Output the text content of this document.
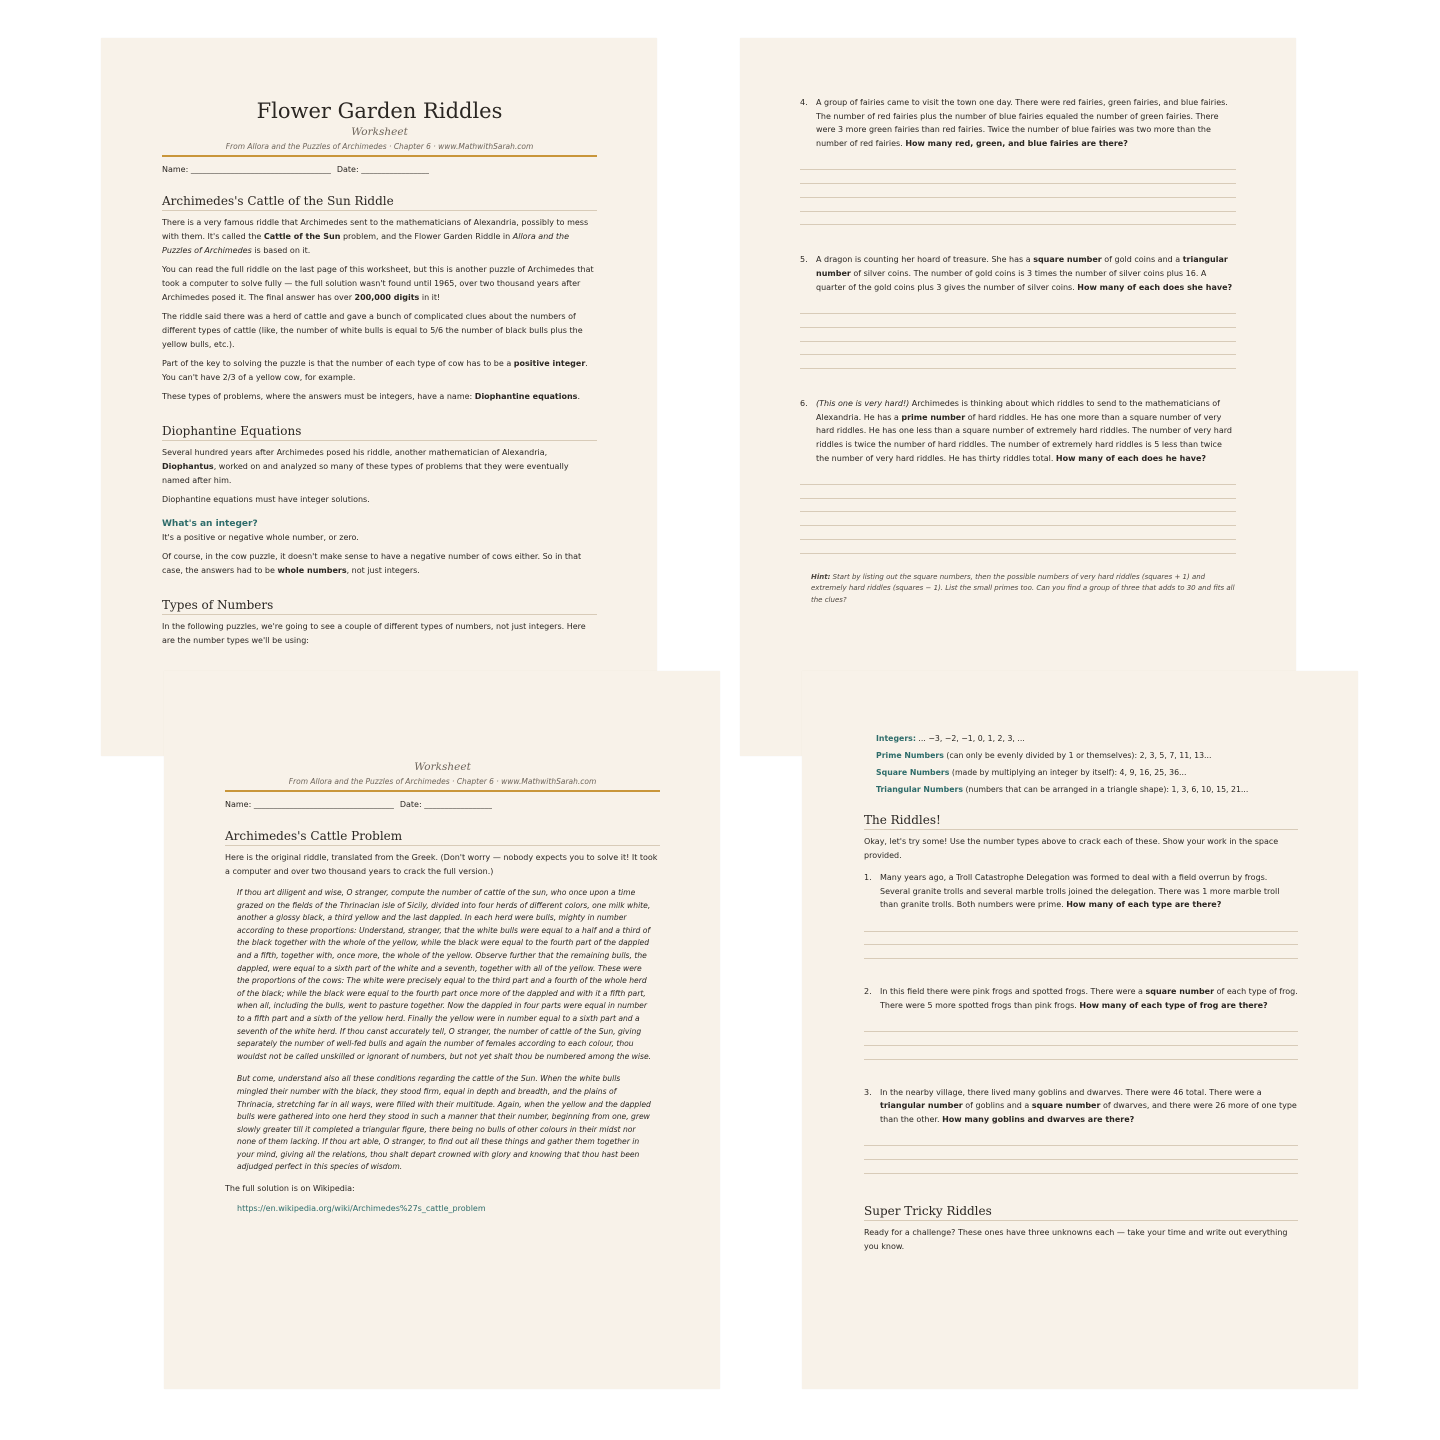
Flower Garden Riddles
Worksheet
From Allora and the Puzzles of Archimedes · Chapter 6 · www.MathwithSarah.com
Name: ___________________________________ Date: _________________
Archimedes's Cattle of the Sun Riddle

There is a very famous riddle that Archimedes sent to the mathematicians of Alexandria, possibly to mess with them. It's called the Cattle of the Sun problem, and the Flower Garden Riddle in Allora and the Puzzles of Archimedes is based on it.

You can read the full riddle on the last page of this worksheet, but this is another puzzle of Archimedes that took a computer to solve fully — the full solution wasn't found until 1965, over two thousand years after Archimedes posed it. The final answer has over 200,000 digits in it!

The riddle said there was a herd of cattle and gave a bunch of complicated clues about the numbers of different types of cattle (like, the number of white bulls is equal to 5/6 the number of black bulls plus the yellow bulls, etc.).

Part of the key to solving the puzzle is that the number of each type of cow has to be a positive integer. You can't have 2/3 of a yellow cow, for example.

These types of problems, where the answers must be integers, have a name: Diophantine equations.

Diophantine Equations

Several hundred years after Archimedes posed his riddle, another mathematician of Alexandria, Diophantus, worked on and analyzed so many of these types of problems that they were eventually named after him.

Diophantine equations must have integer solutions.

What's an integer?

It's a positive or negative whole number, or zero.

Of course, in the cow puzzle, it doesn't make sense to have a negative number of cows either. So in that case, the answers had to be whole numbers, not just integers.

Types of Numbers

In the following puzzles, we're going to see a couple of different types of numbers, not just integers. Here are the number types we'll be using:

4.	A group of fairies came to visit the town one day. There were red fairies, green fairies, and blue fairies. The number of red fairies plus the number of blue fairies equaled the number of green fairies. There were 3 more green fairies than red fairies. Twice the number of blue fairies was two more than the number of red fairies. How many red, green, and blue fairies are there?
5.	A dragon is counting her hoard of treasure. She has a square number of gold coins and a triangular number of silver coins. The number of gold coins is 3 times the number of silver coins plus 16. A quarter of the gold coins plus 3 gives the number of silver coins. How many of each does she have?
6.	(This one is very hard!) Archimedes is thinking about which riddles to send to the mathematicians of Alexandria. He has a prime number of hard riddles. He has one more than a square number of very hard riddles. He has one less than a square number of extremely hard riddles. The number of very hard riddles is twice the number of hard riddles. The number of extremely hard riddles is 5 less than twice the number of very hard riddles. He has thirty riddles total. How many of each does he have?
Hint: Start by listing out the square numbers, then the possible numbers of very hard riddles (squares + 1) and extremely hard riddles (squares − 1). List the small primes too. Can you find a group of three that adds to 30 and fits all the clues?
Worksheet
From Allora and the Puzzles of Archimedes · Chapter 6 · www.MathwithSarah.com
Name: ___________________________________ Date: _________________
Archimedes's Cattle Problem

Here is the original riddle, translated from the Greek. (Don't worry — nobody expects you to solve it! It took a computer and over two thousand years to crack the full version.)

If thou art diligent and wise, O stranger, compute the number of cattle of the sun, who once upon a time grazed on the fields of the Thrinacian isle of Sicily, divided into four herds of different colors, one milk white, another a glossy black, a third yellow and the last dappled. In each herd were bulls, mighty in number according to these proportions: Understand, stranger, that the white bulls were equal to a half and a third of the black together with the whole of the yellow, while the black were equal to the fourth part of the dappled and a fifth, together with, once more, the whole of the yellow. Observe further that the remaining bulls, the dappled, were equal to a sixth part of the white and a seventh, together with all of the yellow. These were the proportions of the cows: The white were precisely equal to the third part and a fourth of the whole herd of the black; while the black were equal to the fourth part once more of the dappled and with it a fifth part, when all, including the bulls, went to pasture together. Now the dappled in four parts were equal in number to a fifth part and a sixth of the yellow herd. Finally the yellow were in number equal to a sixth part and a seventh of the white herd. If thou canst accurately tell, O stranger, the number of cattle of the Sun, giving separately the number of well-fed bulls and again the number of females according to each colour, thou wouldst not be called unskilled or ignorant of numbers, but not yet shalt thou be numbered among the wise.
But come, understand also all these conditions regarding the cattle of the Sun. When the white bulls mingled their number with the black, they stood firm, equal in depth and breadth, and the plains of Thrinacia, stretching far in all ways, were filled with their multitude. Again, when the yellow and the dappled bulls were gathered into one herd they stood in such a manner that their number, beginning from one, grew slowly greater till it completed a triangular figure, there being no bulls of other colours in their midst nor none of them lacking. If thou art able, O stranger, to find out all these things and gather them together in your mind, giving all the relations, thou shalt depart crowned with glory and knowing that thou hast been adjudged perfect in this species of wisdom.

The full solution is on Wikipedia:

https://en.wikipedia.org/wiki/Archimedes%27s_cattle_problem

Integers: ... −3, −2, −1, 0, 1, 2, 3, ...

Prime Numbers (can only be evenly divided by 1 or themselves): 2, 3, 5, 7, 11, 13...

Square Numbers (made by multiplying an integer by itself): 4, 9, 16, 25, 36...

Triangular Numbers (numbers that can be arranged in a triangle shape): 1, 3, 6, 10, 15, 21...

The Riddles!

Okay, let's try some! Use the number types above to crack each of these. Show your work in the space provided.

1.	Many years ago, a Troll Catastrophe Delegation was formed to deal with a field overrun by frogs. Several granite trolls and several marble trolls joined the delegation. There was 1 more marble troll than granite trolls. Both numbers were prime. How many of each type are there?
2.	In this field there were pink frogs and spotted frogs. There were a square number of each type of frog. There were 5 more spotted frogs than pink frogs. How many of each type of frog are there?
3.	In the nearby village, there lived many goblins and dwarves. There were 46 total. There were a triangular number of goblins and a square number of dwarves, and there were 26 more of one type than the other. How many goblins and dwarves are there?
Super Tricky Riddles

Ready for a challenge? These ones have three unknowns each — take your time and write out everything you know.
